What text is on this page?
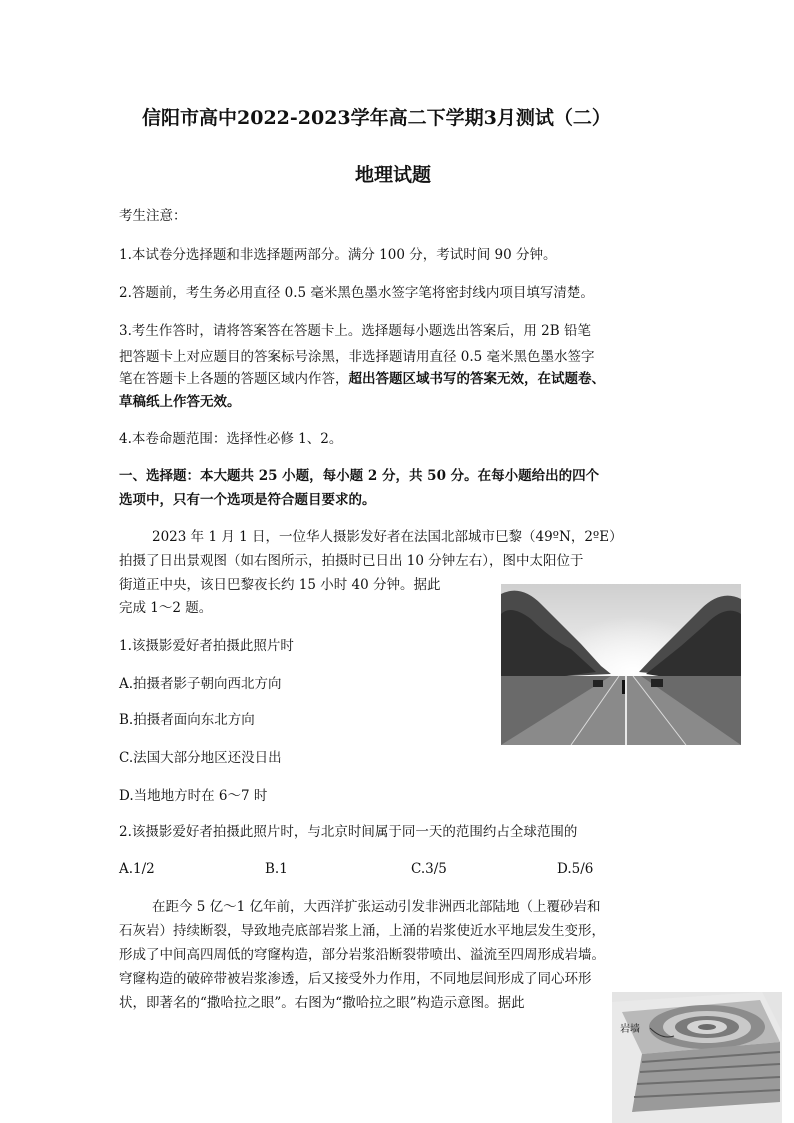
信阳市高中2022-2023学年高二下学期3月测试（二）
地理试题
考生注意：
1.本试卷分选择题和非选择题两部分。满分 100 分，考试时间 90 分钟。
2.答题前，考生务必用直径 0.5 毫米黑色墨水签字笔将密封线内项目填写清楚。
3.考生作答时，请将答案答在答题卡上。选择题每小题选出答案后，用 2B 铅笔
把答题卡上对应题目的答案标号涂黑，非选择题请用直径 0.5 毫米黑色墨水签字
笔在答题卡上各题的答题区域内作答，超出答题区域书写的答案无效，在试题卷、
草稿纸上作答无效。
4.本卷命题范围：选择性必修 1、2。
一、选择题：本大题共 25 小题，每小题 2 分，共 50 分。在每小题给出的四个
选项中，只有一个选项是符合题目要求的。
2023 年 1 月 1 日，一位华人摄影发好者在法国北部城市巳黎（49ºN，2ºE）
拍摄了日出景观图（如右图所示，拍摄时已日出 10 分钟左右），图中太阳位于
街道正中央，该日巴黎夜长约 15 小时 40 分钟。据此
完成 1～2 题。
1.该摄影爱好者拍摄此照片时
A.拍摄者影子朝向西北方向
B.拍摄者面向东北方向
C.法国大部分地区还没日出
D.当地地方时在 6～7 时
2.该摄影爱好者拍摄此照片时，与北京时间属于同一天的范围约占全球范围的
A.1/2	B.1	C.3/5	D.5/6
在距今 5 亿～1 亿年前，大西洋扩张运动引发非洲西北部陆地（上覆砂岩和
石灰岩）持续断裂，导致地壳底部岩浆上涌，上涌的岩浆使近水平地层发生变形，
形成了中间高四周低的穹窿构造，部分岩浆沿断裂带喷出、溢流至四周形成岩墙。
穹窿构造的破碎带被岩浆渗透，后又接受外力作用，不同地层间形成了同心环形
状，即著名的“撒哈拉之眼”。右图为“撒哈拉之眼”构造示意图。据此
岩墙
